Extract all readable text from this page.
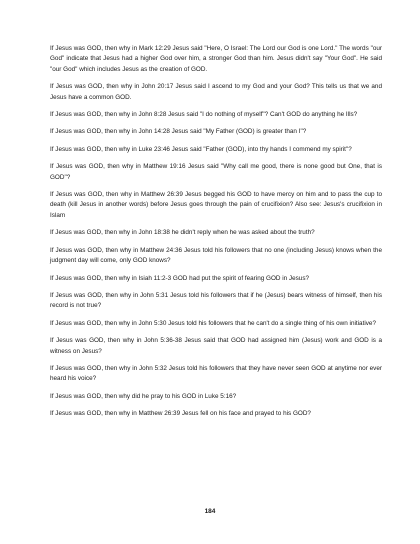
If Jesus was GOD, then why in Mark 12:29 Jesus said "Here, O Israel: The Lord our God is one Lord." The words "our God" indicate that Jesus had a higher God over him, a stronger God than him. Jesus didn't say "Your God". He said "our God" which includes Jesus as the creation of GOD.

If Jesus was GOD, then why in John 20:17 Jesus said I ascend to my God and your God? This tells us that we and Jesus have a common GOD.

If Jesus was GOD, then why in John 8:28 Jesus said "I do nothing of myself"? Can't GOD do anything he Ills?

If Jesus was GOD, then why in John 14:28 Jesus said "My Father (GOD) is greater than I"?

If Jesus was GOD, then why in Luke 23:46 Jesus said "Father (GOD), into thy hands I commend my spirit"?

If Jesus was GOD, then why in Matthew 19:16 Jesus said "Why call me good, there is none good but One, that is GOD"?

If Jesus was GOD, then why in Matthew 26:39 Jesus begged his GOD to have mercy on him and to pass the cup to death (kill Jesus in another words) before Jesus goes through the pain of crucifixion? Also see: Jesus's crucifixion in Islam

If Jesus was GOD, then why in John 18:38 he didn't reply when he was asked about the truth?

If Jesus was GOD, then why in Matthew 24:36 Jesus told his followers that no one (including Jesus) knows when the judgment day will come, only GOD knows?

If Jesus was GOD, then why in Isiah 11:2-3 GOD had put the spirit of fearing GOD in Jesus?

If Jesus was GOD, then why in John 5:31 Jesus told his followers that if he (Jesus) bears witness of himself, then his record is not true?

If Jesus was GOD, then why in John 5:30 Jesus told his followers that he can't do a single thing of his own initiative?

If Jesus was GOD, then why in John 5:36-38 Jesus said that GOD had assigned him (Jesus) work and GOD is a witness on Jesus?

If Jesus was GOD, then why in John 5:32 Jesus told his followers that they have never seen GOD at anytime nor ever heard his voice?

If Jesus was GOD, then why did he pray to his GOD in Luke 5:16?

If Jesus was GOD, then why in Matthew 26:39 Jesus fell on his face and prayed to his GOD?

184
